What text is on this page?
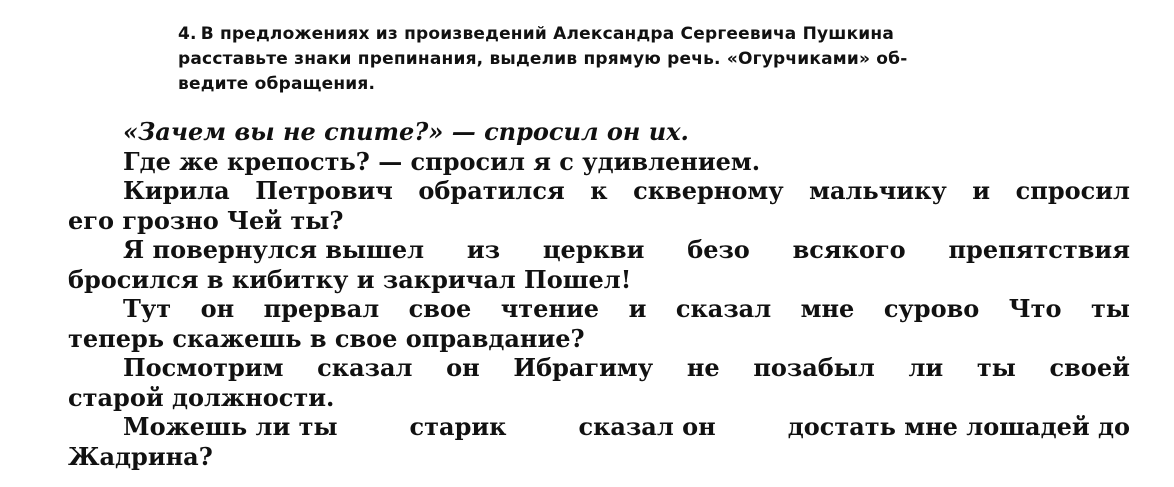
4. В предложениях из произведений Александра Сергеевича Пушкина
расставьте знаки препинания, выделив прямую речь. «Огурчиками» об-
ведите обращения.
«Зачем вы не спите?» — спросил он их.
Где же крепость? — спросил я с удивлением.
Кирила Петрович обратился к скверному мальчику и спросил
его грозно Чей ты?
Я повернулся вышел из церкви безо всякого препятствия
бросился в кибитку и закричал Пошел!
Тут он прервал свое чтение и сказал мне сурово Что ты
теперь скажешь в свое оправдание?
Посмотрим сказал он Ибрагиму не позабыл ли ты своей
старой должности.
Можешь ли ты	старик	сказал он	достать мне лошадей до
Жадрина?
